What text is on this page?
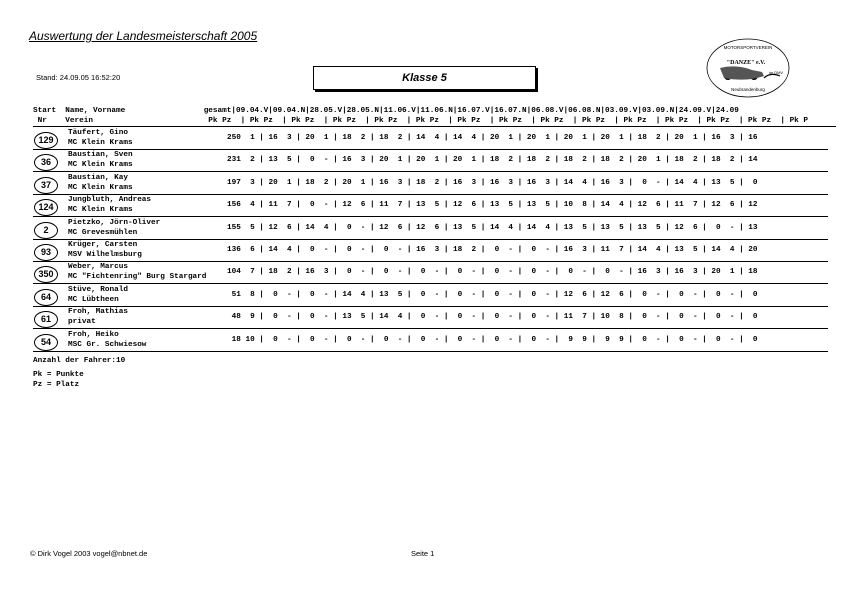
Auswertung der Landesmeisterschaft 2005
Stand: 24.09.05 16:52:20	Klasse 5
MOTORSPORTVEREIN
"DANZE" e.V.
im DMV
Neubrandenburg
Start  Name, Vorname                 gesamt|09.04.V|09.04.N|28.05.V|28.05.N|11.06.V|11.06.N|16.07.V|16.07.N|06.08.V|06.08.N|03.09.V|03.09.N|24.09.V|24.09
Nr    Verein                         Pk Pz  | Pk Pz  | Pk Pz  | Pk Pz  | Pk Pz  | Pk Pz  | Pk Pz  | Pk Pz  | Pk Pz  | Pk Pz  | Pk Pz  | Pk Pz  | Pk Pz  | Pk Pz  | Pk P
129
Täufert, Gino
MC Klein Krams
250  1 | 16  3 | 20  1 | 18  2 | 18  2 | 14  4 | 14  4 | 20  1 | 20  1 | 20  1 | 20  1 | 18  2 | 20  1 | 16  3 | 16
36
Baustian, Sven
MC Klein Krams
231  2 | 13  5 |  0  - | 16  3 | 20  1 | 20  1 | 20  1 | 18  2 | 18  2 | 18  2 | 18  2 | 20  1 | 18  2 | 18  2 | 14
37
Baustian, Kay
MC Klein Krams
197  3 | 20  1 | 18  2 | 20  1 | 16  3 | 18  2 | 16  3 | 16  3 | 16  3 | 14  4 | 16  3 |  0  - | 14  4 | 13  5 |  0
124
Jungbluth, Andreas
MC Klein Krams
156  4 | 11  7 |  0  - | 12  6 | 11  7 | 13  5 | 12  6 | 13  5 | 13  5 | 10  8 | 14  4 | 12  6 | 11  7 | 12  6 | 12
2
Pietzko, Jörn-Oliver
MC Grevesmühlen
155  5 | 12  6 | 14  4 |  0  - | 12  6 | 12  6 | 13  5 | 14  4 | 14  4 | 13  5 | 13  5 | 13  5 | 12  6 |  0  - | 13
93
Krüger, Carsten
MSV Wilhelmsburg
136  6 | 14  4 |  0  - |  0  - |  0  - | 16  3 | 18  2 |  0  - |  0  - | 16  3 | 11  7 | 14  4 | 13  5 | 14  4 | 20
350
Weber, Marcus
MC "Fichtenring" Burg Stargard
104  7 | 18  2 | 16  3 |  0  - |  0  - |  0  - |  0  - |  0  - |  0  - |  0  - |  0  - | 16  3 | 16  3 | 20  1 | 18
64
Stüve, Ronald
MC Lübtheen
51  8 |  0  - |  0  - | 14  4 | 13  5 |  0  - |  0  - |  0  - |  0  - | 12  6 | 12  6 |  0  - |  0  - |  0  - |  0
61
Froh, Mathias
privat
48  9 |  0  - |  0  - | 13  5 | 14  4 |  0  - |  0  - |  0  - |  0  - | 11  7 | 10  8 |  0  - |  0  - |  0  - |  0
54
Froh, Heiko
MSC Gr. Schwiesow
18 10 |  0  - |  0  - |  0  - |  0  - |  0  - |  0  - |  0  - |  0  - |  9  9 |  9  9 |  0  - |  0  - |  0  - |  0
Anzahl der Fahrer:10
Pk = Punkte
Pz = Platz
© Dirk Vogel 2003 vogel@nbnet.de	Seite 1
